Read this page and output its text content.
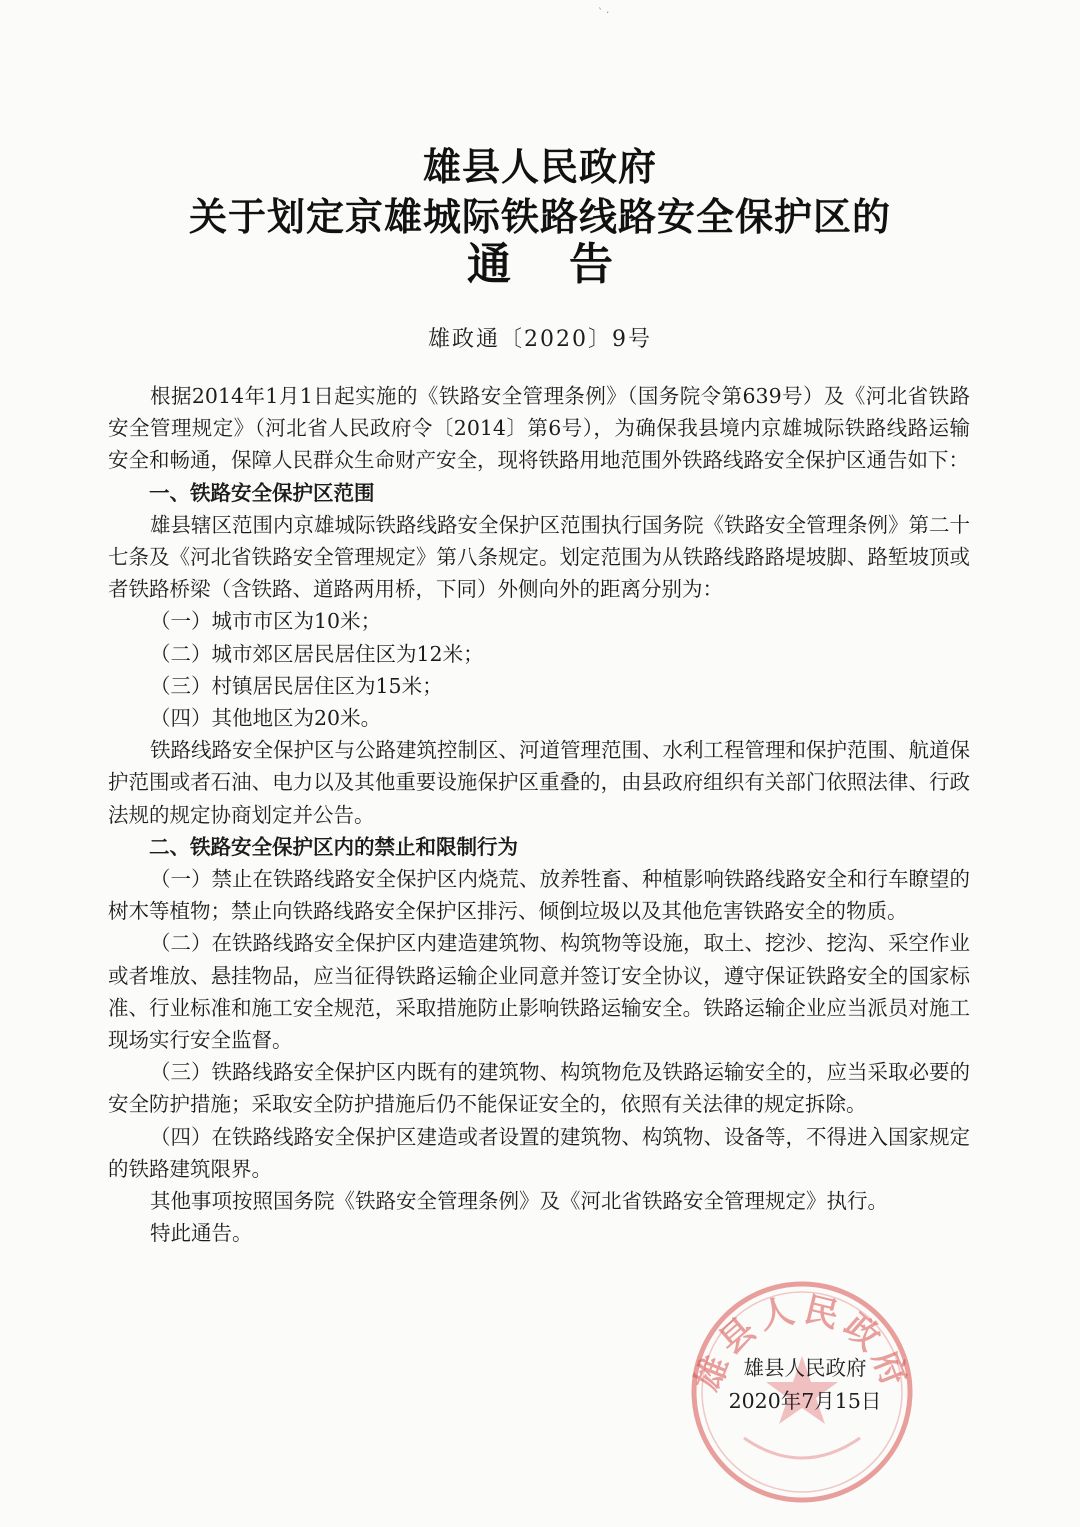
ˋ ·
雄县人民政府
关于划定京雄城际铁路线路安全保护区的
通告
雄政通〔2020〕9号

根据2014年1月1日起实施的《铁路安全管理条例》（国务院令第639号）及《河北省铁路安全管理规定》（河北省人民政府令〔2014〕第6号），为确保我县境内京雄城际铁路线路运输安全和畅通，保障人民群众生命财产安全，现将铁路用地范围外铁路线路安全保护区通告如下：

一、铁路安全保护区范围

雄县辖区范围内京雄城际铁路线路安全保护区范围执行国务院《铁路安全管理条例》第二十七条及《河北省铁路安全管理规定》第八条规定。划定范围为从铁路线路路堤坡脚、路堑坡顶或者铁路桥梁（含铁路、道路两用桥，下同）外侧向外的距离分别为：

（一）城市市区为10米；

（二）城市郊区居民居住区为12米；

（三）村镇居民居住区为15米；

（四）其他地区为20米。

铁路线路安全保护区与公路建筑控制区、河道管理范围、水利工程管理和保护范围、航道保护范围或者石油、电力以及其他重要设施保护区重叠的，由县政府组织有关部门依照法律、行政法规的规定协商划定并公告。

二、铁路安全保护区内的禁止和限制行为

（一）禁止在铁路线路安全保护区内烧荒、放养牲畜、种植影响铁路线路安全和行车瞭望的树木等植物；禁止向铁路线路安全保护区排污、倾倒垃圾以及其他危害铁路安全的物质。

（二）在铁路线路安全保护区内建造建筑物、构筑物等设施，取土、挖沙、挖沟、采空作业或者堆放、悬挂物品，应当征得铁路运输企业同意并签订安全协议，遵守保证铁路安全的国家标准、行业标准和施工安全规范，采取措施防止影响铁路运输安全。铁路运输企业应当派员对施工现场实行安全监督。

（三）铁路线路安全保护区内既有的建筑物、构筑物危及铁路运输安全的，应当采取必要的安全防护措施；采取安全防护措施后仍不能保证安全的，依照有关法律的规定拆除。

（四）在铁路线路安全保护区建造或者设置的建筑物、构筑物、设备等，不得进入国家规定的铁路建筑限界。

其他事项按照国务院《铁路安全管理条例》及《河北省铁路安全管理规定》执行。

特此通告。

雄县人民政府
雄县人民政府
2020年7月15日
